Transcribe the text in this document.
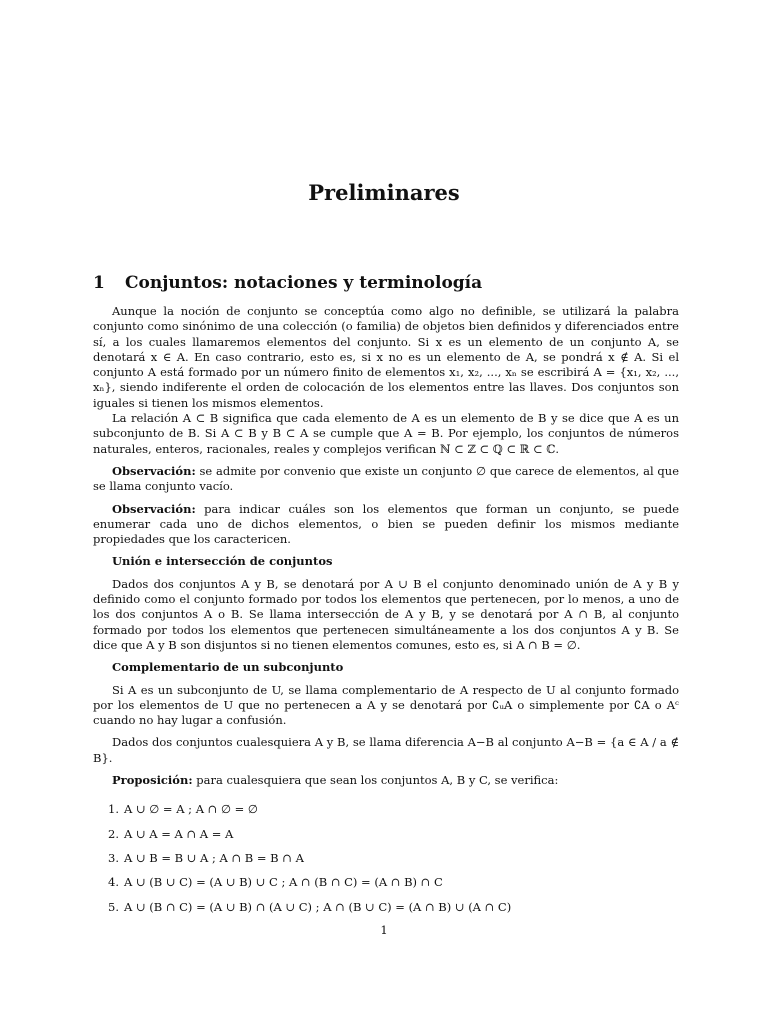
Preliminares
1 Conjuntos: notaciones y terminología

Aunque la noción de conjunto se conceptúa como algo no definible, se utilizará la palabra conjunto como sinónimo de una colección (o familia) de objetos bien definidos y diferenciados entre sí, a los cuales llamaremos elementos del conjunto. Si x es un elemento de un conjunto A, se denotará x ∈ A. En caso contrario, esto es, si x no es un elemento de A, se pondrá x ∉ A. Si el conjunto A está formado por un número finito de elementos x₁, x₂, ..., xₙ se escribirá A = {x₁, x₂, ..., xₙ}, siendo indiferente el orden de colocación de los elementos entre las llaves. Dos conjuntos son iguales si tienen los mismos elementos.

La relación A ⊂ B significa que cada elemento de A es un elemento de B y se dice que A es un subconjunto de B. Si A ⊂ B y B ⊂ A se cumple que A = B. Por ejemplo, los conjuntos de números naturales, enteros, racionales, reales y complejos verifican ℕ ⊂ ℤ ⊂ ℚ ⊂ ℝ ⊂ ℂ.

Observación: se admite por convenio que existe un conjunto ∅ que carece de elementos, al que se llama conjunto vacío.

Observación: para indicar cuáles son los elementos que forman un conjunto, se puede enumerar cada uno de dichos elementos, o bien se pueden definir los mismos mediante propiedades que los caractericen.

Unión e intersección de conjuntos

Dados dos conjuntos A y B, se denotará por A ∪ B el conjunto denominado unión de A y B y definido como el conjunto formado por todos los elementos que pertenecen, por lo menos, a uno de los dos conjuntos A o B. Se llama intersección de A y B, y se denotará por A ∩ B, al conjunto formado por todos los elementos que pertenecen simultáneamente a los dos conjuntos A y B. Se dice que A y B son disjuntos si no tienen elementos comunes, esto es, si A ∩ B = ∅.

Complementario de un subconjunto

Si A es un subconjunto de U, se llama complementario de A respecto de U al conjunto formado por los elementos de U que no pertenecen a A y se denotará por ∁ᵤA o simplemente por ∁A o Aᶜ cuando no hay lugar a confusión.

Dados dos conjuntos cualesquiera A y B, se llama diferencia A−B al conjunto A−B = {a ∈ A / a ∉ B}.

Proposición: para cualesquiera que sean los conjuntos A, B y C, se verifica:

1. A ∪ ∅ = A ; A ∩ ∅ = ∅
2. A ∪ A = A ∩ A = A
3. A ∪ B = B ∪ A ; A ∩ B = B ∩ A
4. A ∪ (B ∪ C) = (A ∪ B) ∪ C ; A ∩ (B ∩ C) = (A ∩ B) ∩ C
5. A ∪ (B ∩ C) = (A ∪ B) ∩ (A ∪ C) ; A ∩ (B ∪ C) = (A ∩ B) ∪ (A ∩ C)
1
